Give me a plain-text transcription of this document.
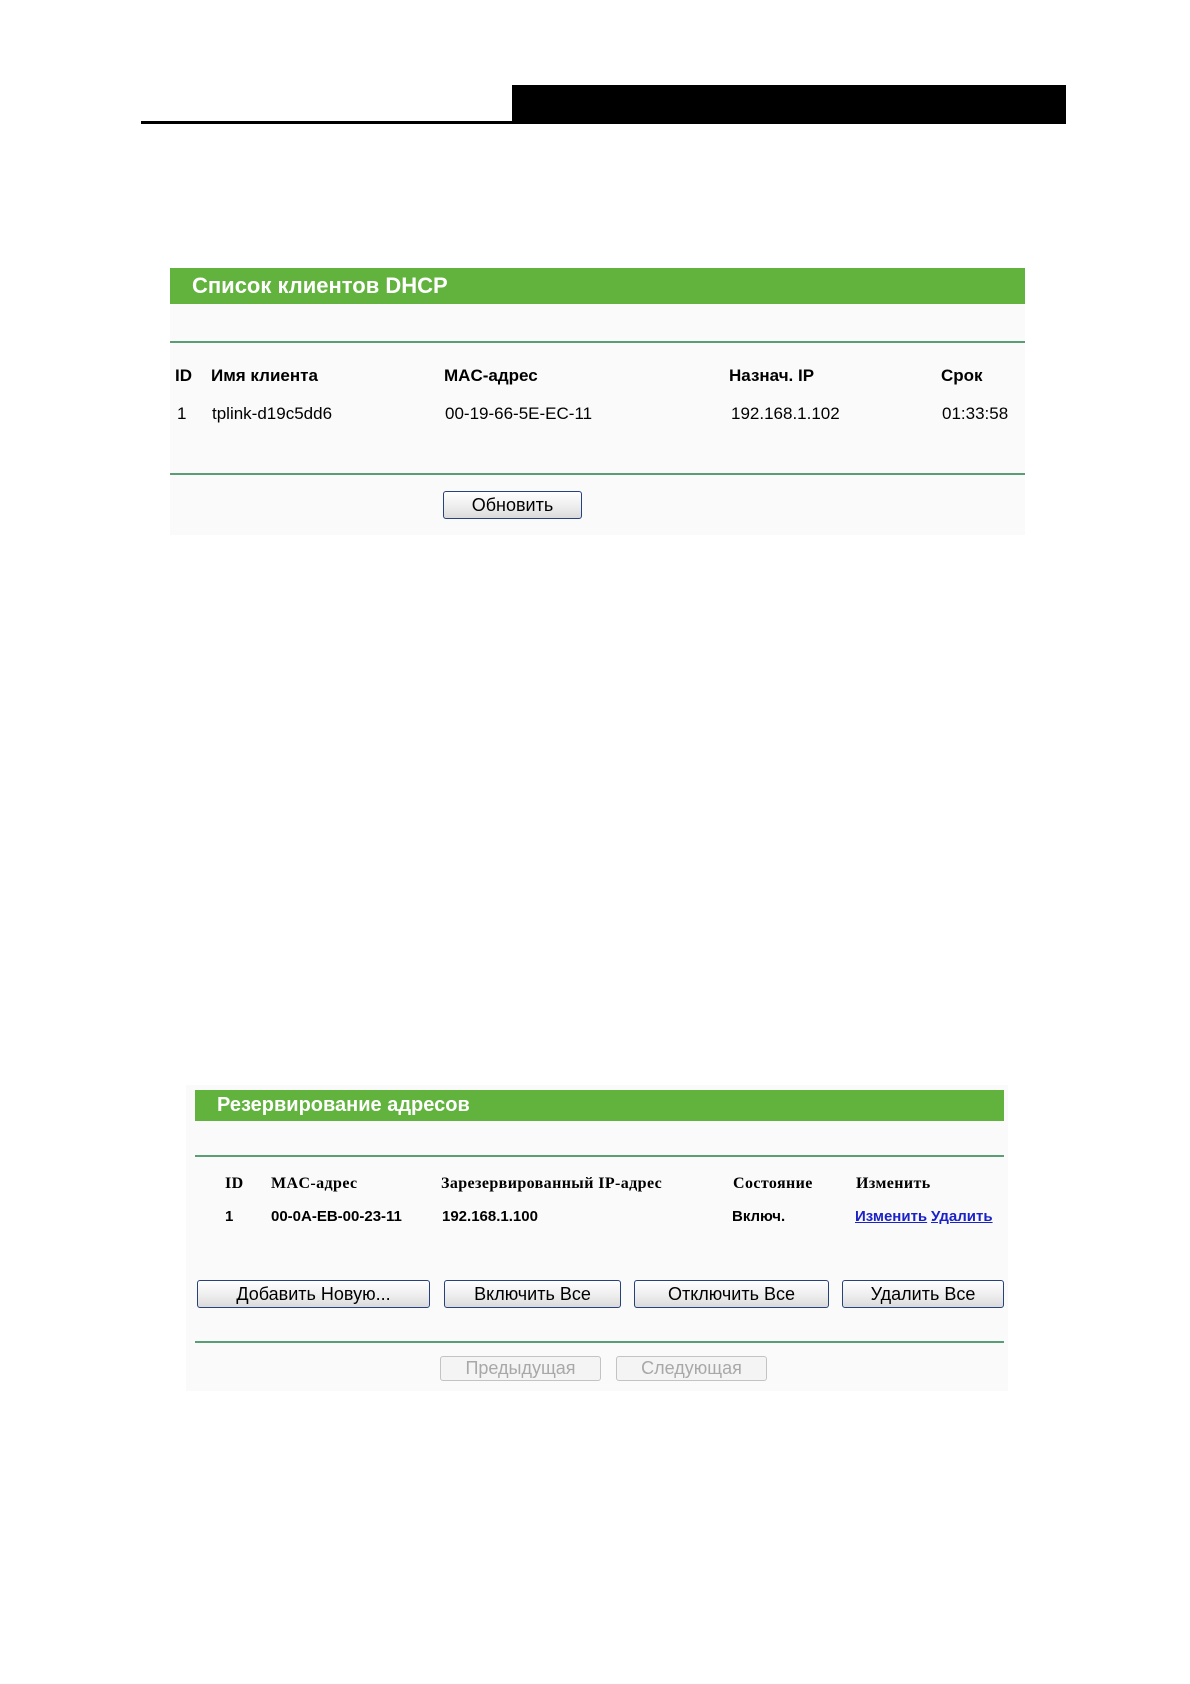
Список клиентов DHCP
ID Имя клиента	MAC-адрес	Назнач. IP	Срок
1 tplink-d19c5dd6	00-19-66-5E-EC-11	192.168.1.102	01:33:58
Обновить
Резервирование адресов
ID MAC-адрес	Зарезервированный IP-адрес	Состояние	Изменить
1	00-0A-EB-00-23-11	192.168.1.100	Включ.	Изменить Удалить
Добавить Новую...	Включить Все	Отключить Все	Удалить Все
Предыдущая	Следующая
